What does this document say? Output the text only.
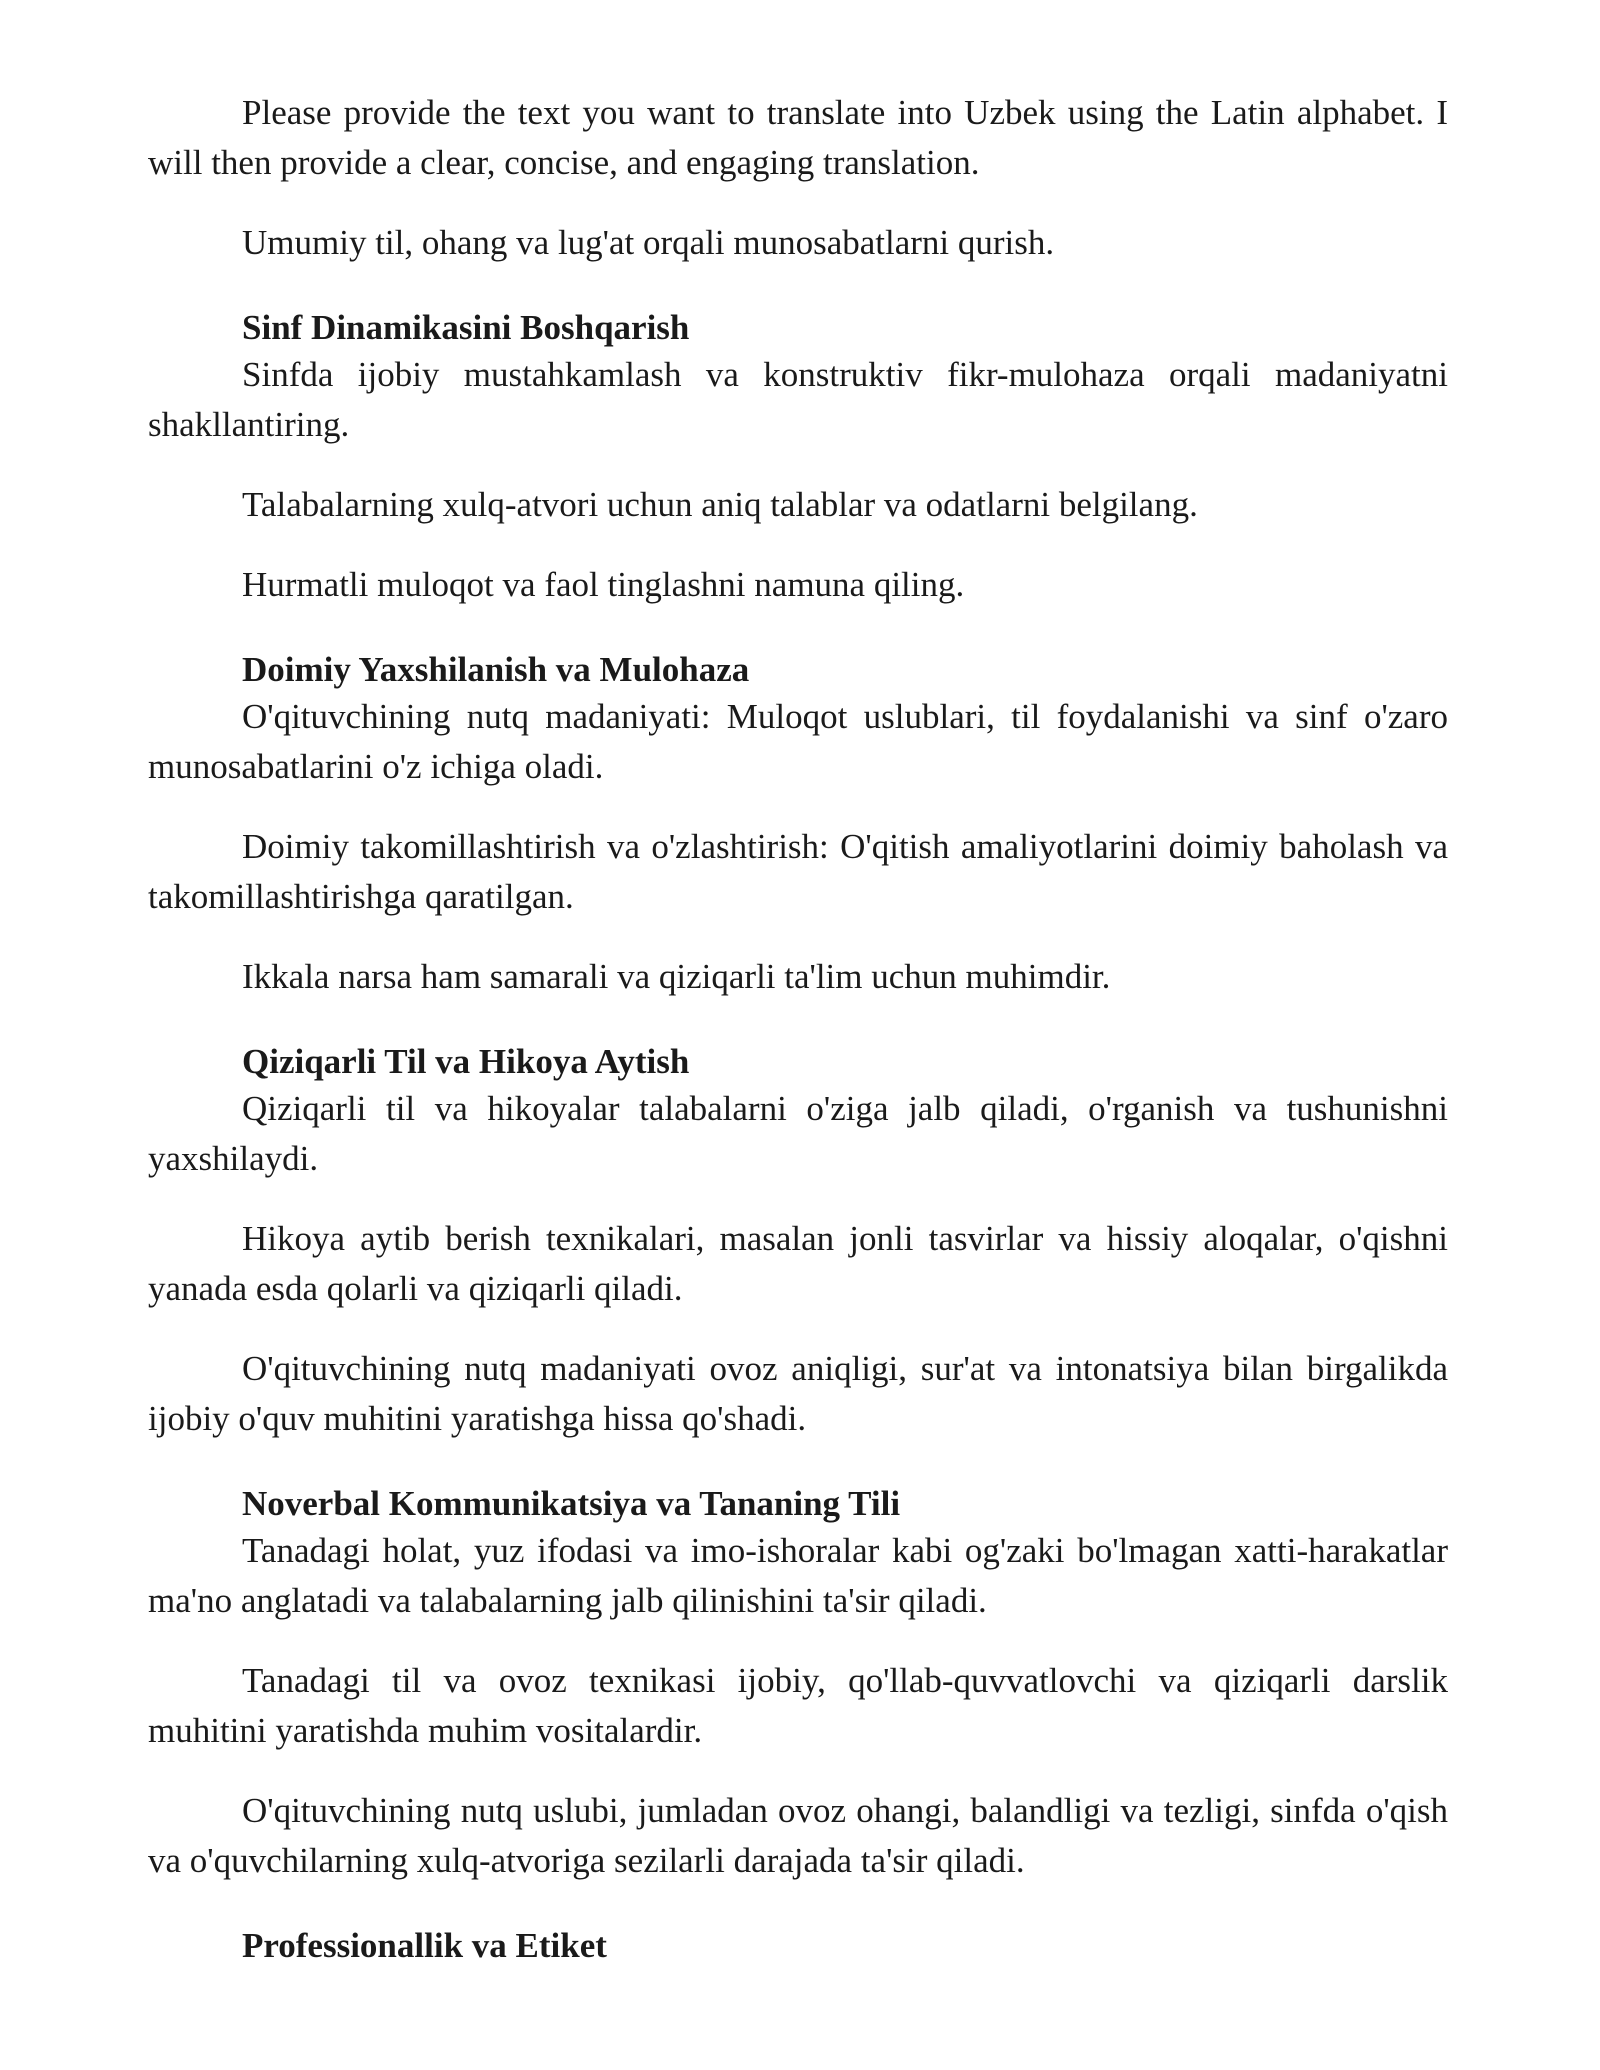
Please provide the text you want to translate into Uzbek using the Latin alphabet. I will then provide a clear, concise, and engaging translation.

Umumiy til, ohang va lug'at orqali munosabatlarni qurish.

Sinf Dinamikasini Boshqarish

Sinfda ijobiy mustahkamlash va konstruktiv fikr-mulohaza orqali madaniyatni shakllantiring.

Talabalarning xulq-atvori uchun aniq talablar va odatlarni belgilang.

Hurmatli muloqot va faol tinglashni namuna qiling.

Doimiy Yaxshilanish va Mulohaza

O'qituvchining nutq madaniyati: Muloqot uslublari, til foydalanishi va sinf o'zaro munosabatlarini o'z ichiga oladi.

Doimiy takomillashtirish va o'zlashtirish: O'qitish amaliyotlarini doimiy baholash va takomillashtirishga qaratilgan.

Ikkala narsa ham samarali va qiziqarli ta'lim uchun muhimdir.

Qiziqarli Til va Hikoya Aytish

Qiziqarli til va hikoyalar talabalarni o'ziga jalb qiladi, o'rganish va tushunishni yaxshilaydi.

Hikoya aytib berish texnikalari, masalan jonli tasvirlar va hissiy aloqalar, o'qishni yanada esda qolarli va qiziqarli qiladi.

O'qituvchining nutq madaniyati ovoz aniqligi, sur'at va intonatsiya bilan birgalikda ijobiy o'quv muhitini yaratishga hissa qo'shadi.

Noverbal Kommunikatsiya va Tananing Tili

Tanadagi holat, yuz ifodasi va imo-ishoralar kabi og'zaki bo'lmagan xatti-harakatlar ma'no anglatadi va talabalarning jalb qilinishini ta'sir qiladi.

Tanadagi til va ovoz texnikasi ijobiy, qo'llab-quvvatlovchi va qiziqarli darslik muhitini yaratishda muhim vositalardir.

O'qituvchining nutq uslubi, jumladan ovoz ohangi, balandligi va tezligi, sinfda o'qish va o'quvchilarning xulq-atvoriga sezilarli darajada ta'sir qiladi.

Professionallik va Etiket
